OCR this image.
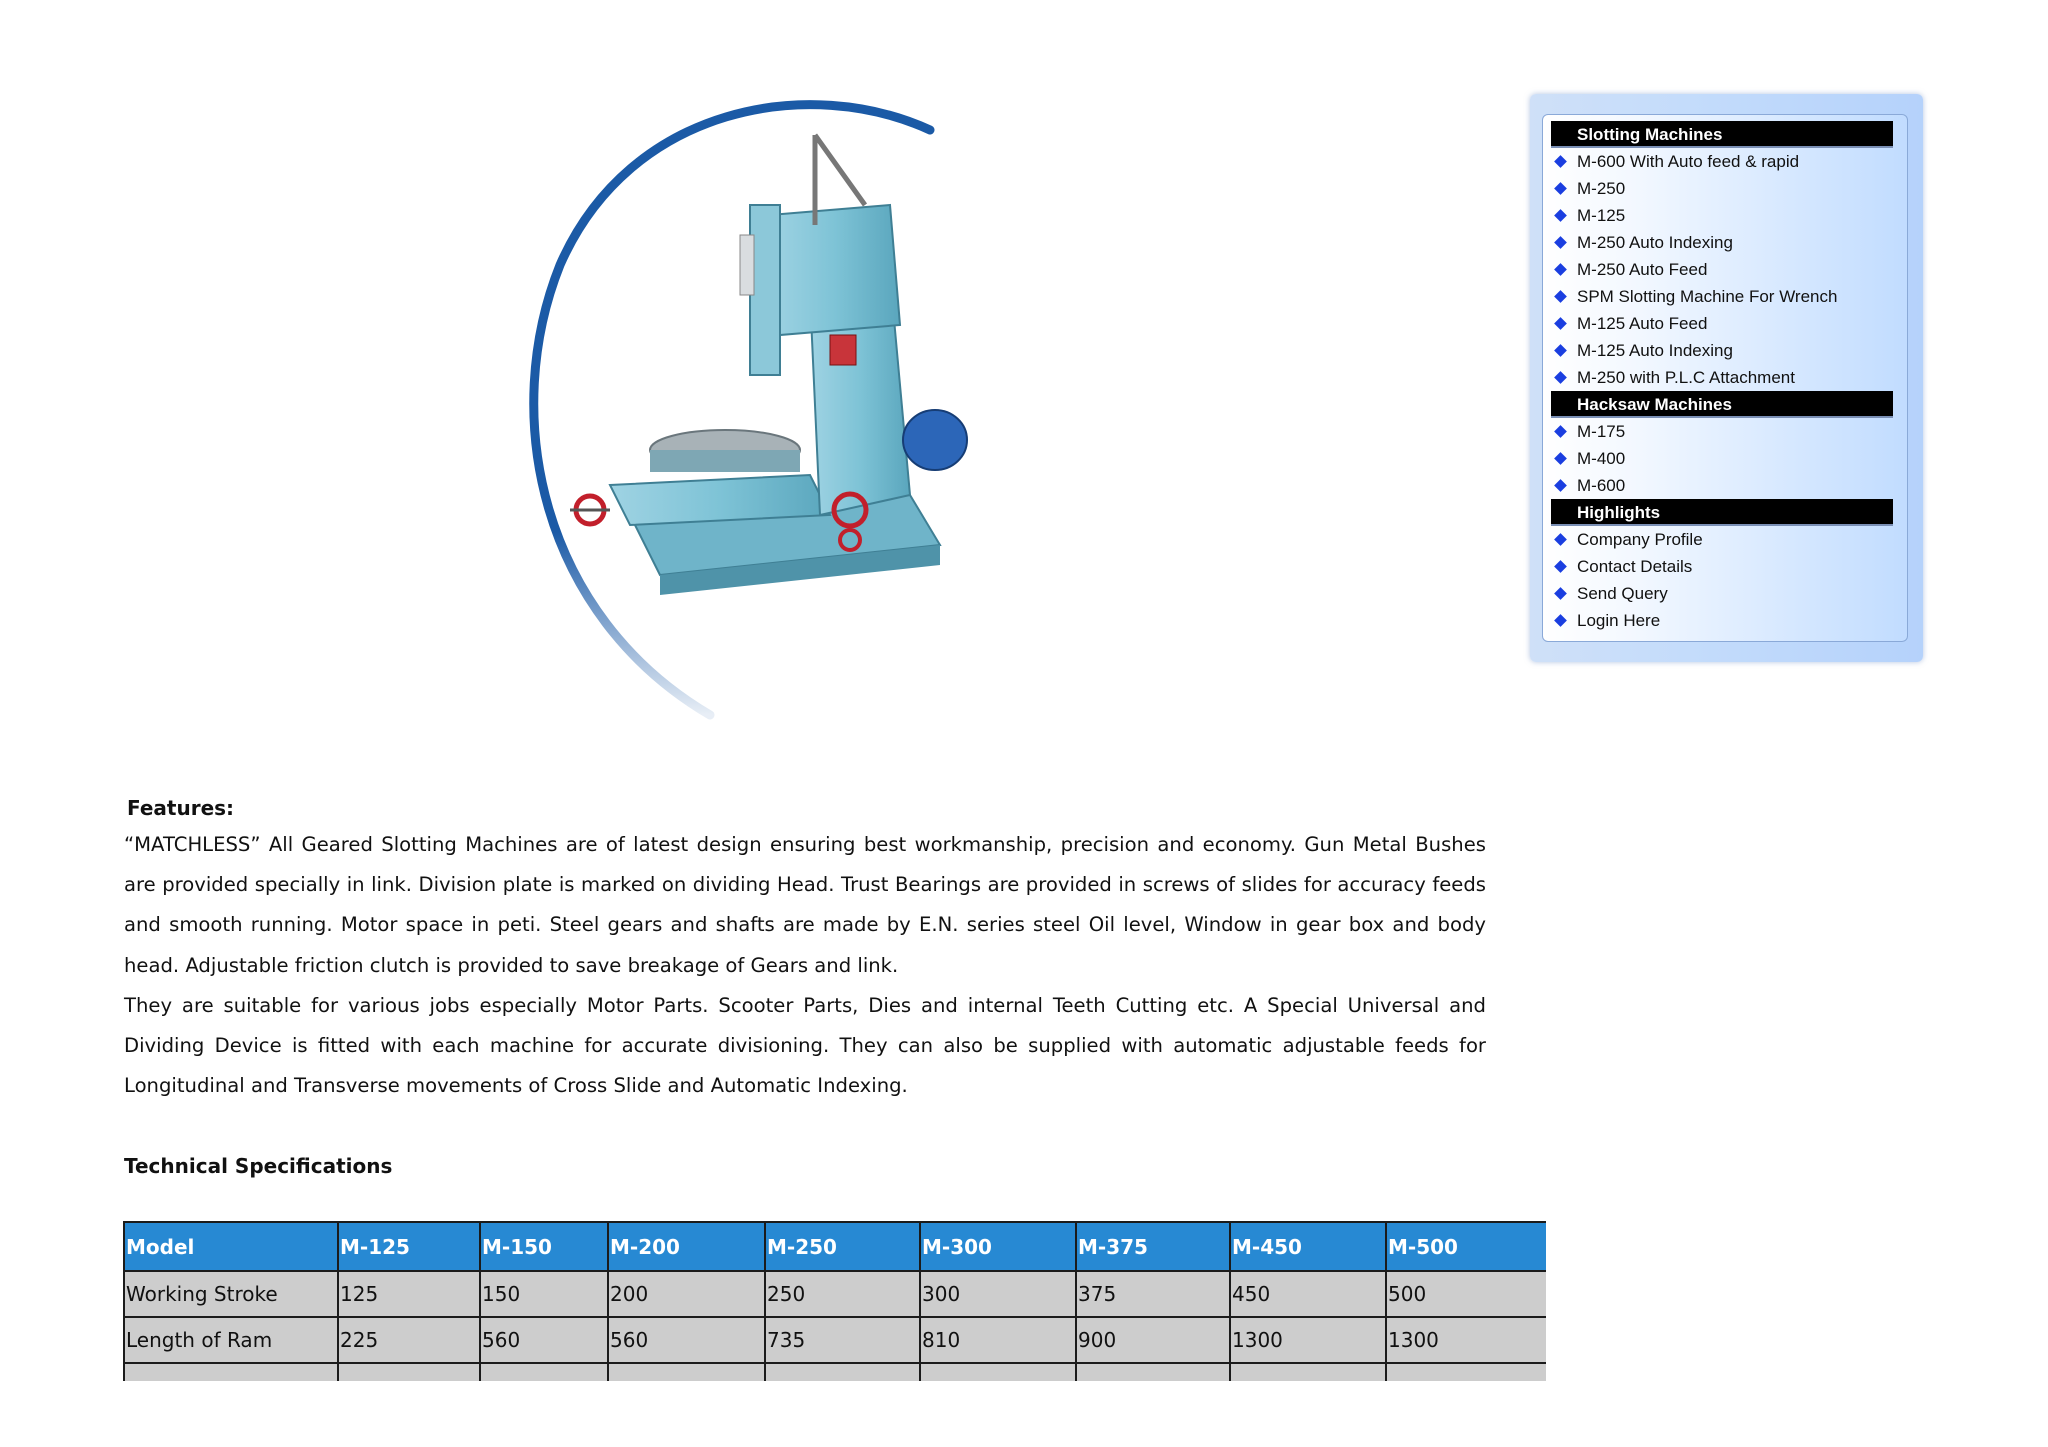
Slotting Machines
M-600 With Auto feed & rapid
M-250
M-125
M-250 Auto Indexing
M-250 Auto Feed
SPM Slotting Machine For Wrench
M-125 Auto Feed
M-125 Auto Indexing
M-250 with P.L.C Attachment
Hacksaw Machines
M-175
M-400
M-600
Highlights
Company Profile
Contact Details
Send Query
Login Here
Features:

“MATCHLESS” All Geared Slotting Machines are of latest design ensuring best workmanship, precision and economy. Gun Metal Bushes are provided specially in link. Division plate is marked on dividing Head. Trust Bearings are provided in screws of slides for accuracy feeds and smooth running. Motor space in peti. Steel gears and shafts are made by E.N. series steel Oil level, Window in gear box and body head. Adjustable friction clutch is provided to save breakage of Gears and link.

They are suitable for various jobs especially Motor Parts. Scooter Parts, Dies and internal Teeth Cutting etc. A Special Universal and Dividing Device is fitted with each machine for accurate divisioning. They can also be supplied with automatic adjustable feeds for Longitudinal and Transverse movements of Cross Slide and Automatic Indexing.

Technical Specifications
Model	M-125	M-150	M-200	M-250	M-300	M-375	M-450	M-500
Working Stroke	125	150	200	250	300	375	450	500
Length of Ram	225	560	560	735	810	900	1300	1300
